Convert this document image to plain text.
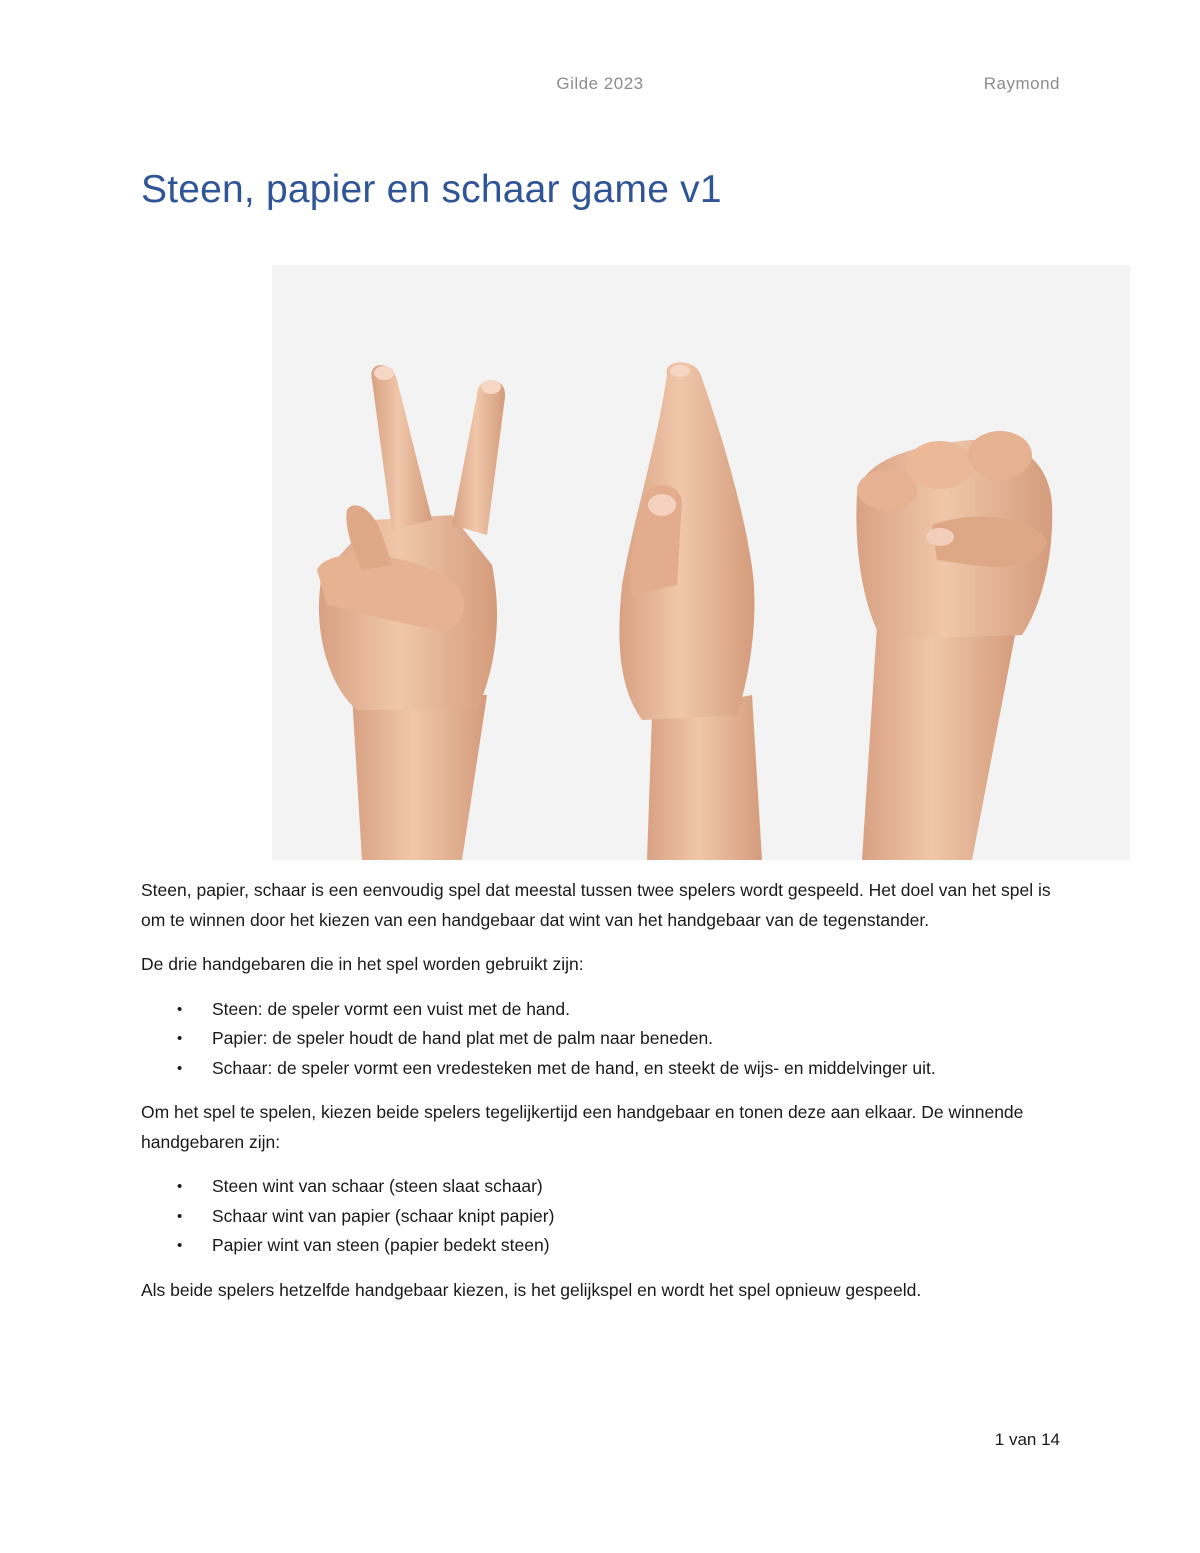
Gilde 2023	Raymond
Steen, papier en schaar game v1

Steen, papier, schaar is een eenvoudig spel dat meestal tussen twee spelers wordt gespeeld. Het doel van het spel is om te winnen door het kiezen van een handgebaar dat wint van het handgebaar van de tegenstander.

De drie handgebaren die in het spel worden gebruikt zijn:

• Steen: de speler vormt een vuist met de hand.
• Papier: de speler houdt de hand plat met de palm naar beneden.
• Schaar: de speler vormt een vredesteken met de hand, en steekt de wijs- en middelvinger uit.

Om het spel te spelen, kiezen beide spelers tegelijkertijd een handgebaar en tonen deze aan elkaar. De winnende handgebaren zijn:

• Steen wint van schaar (steen slaat schaar)
• Schaar wint van papier (schaar knipt papier)
• Papier wint van steen (papier bedekt steen)

Als beide spelers hetzelfde handgebaar kiezen, is het gelijkspel en wordt het spel opnieuw gespeeld.

1 van 14
